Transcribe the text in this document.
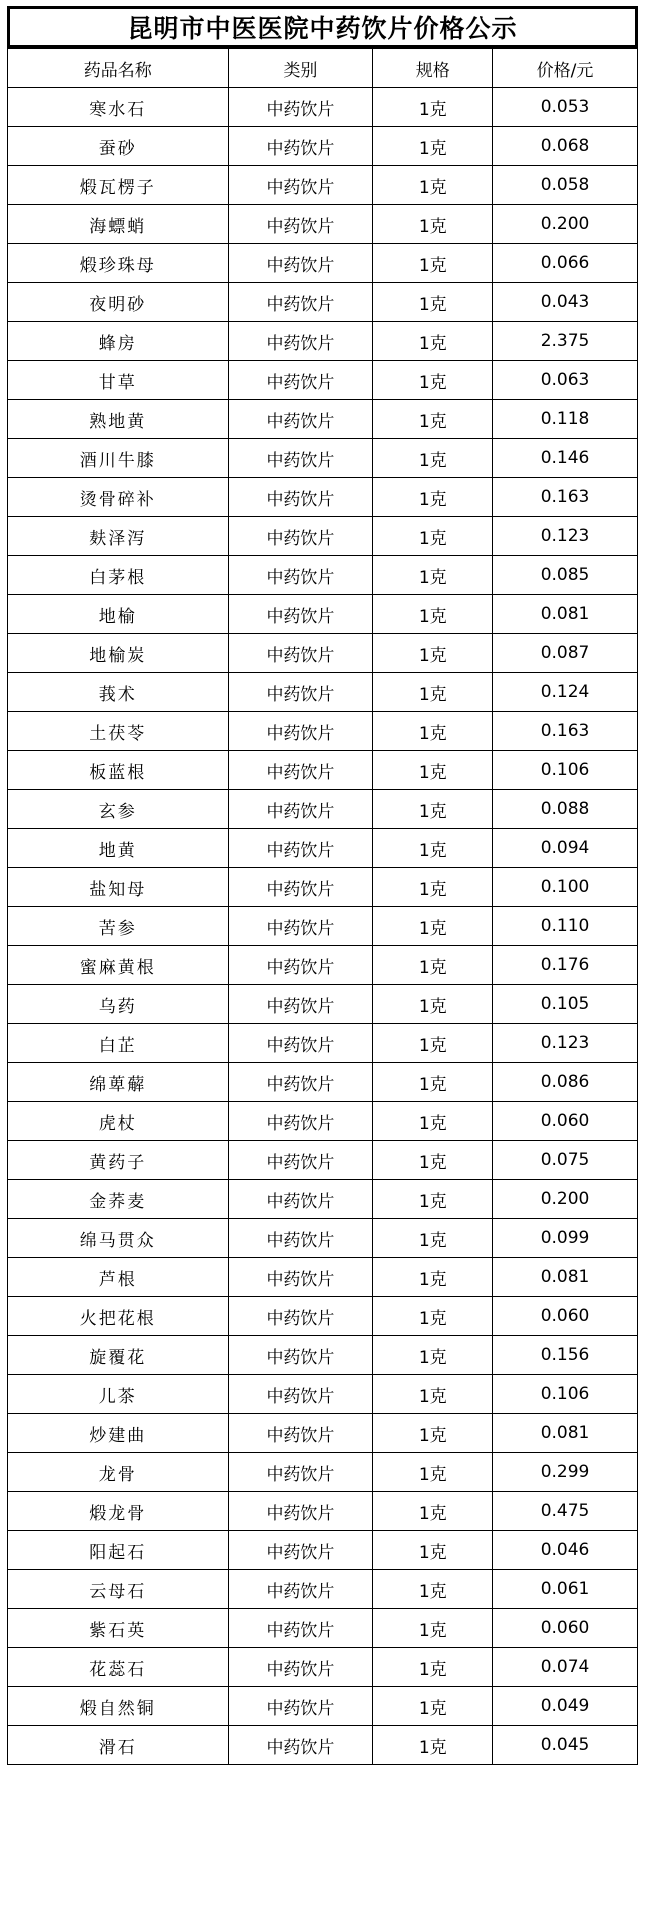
昆明市中医医院中药饮片价格公示
药品名称	类别	规格	价格/元
寒水石	中药饮片	1克	0.053
蚕砂	中药饮片	1克	0.068
煅瓦楞子	中药饮片	1克	0.058
海螵蛸	中药饮片	1克	0.200
煅珍珠母	中药饮片	1克	0.066
夜明砂	中药饮片	1克	0.043
蜂房	中药饮片	1克	2.375
甘草	中药饮片	1克	0.063
熟地黄	中药饮片	1克	0.118
酒川牛膝	中药饮片	1克	0.146
烫骨碎补	中药饮片	1克	0.163
麸泽泻	中药饮片	1克	0.123
白茅根	中药饮片	1克	0.085
地榆	中药饮片	1克	0.081
地榆炭	中药饮片	1克	0.087
莪术	中药饮片	1克	0.124
土茯苓	中药饮片	1克	0.163
板蓝根	中药饮片	1克	0.106
玄参	中药饮片	1克	0.088
地黄	中药饮片	1克	0.094
盐知母	中药饮片	1克	0.100
苦参	中药饮片	1克	0.110
蜜麻黄根	中药饮片	1克	0.176
乌药	中药饮片	1克	0.105
白芷	中药饮片	1克	0.123
绵萆薢	中药饮片	1克	0.086
虎杖	中药饮片	1克	0.060
黄药子	中药饮片	1克	0.075
金荞麦	中药饮片	1克	0.200
绵马贯众	中药饮片	1克	0.099
芦根	中药饮片	1克	0.081
火把花根	中药饮片	1克	0.060
旋覆花	中药饮片	1克	0.156
儿茶	中药饮片	1克	0.106
炒建曲	中药饮片	1克	0.081
龙骨	中药饮片	1克	0.299
煅龙骨	中药饮片	1克	0.475
阳起石	中药饮片	1克	0.046
云母石	中药饮片	1克	0.061
紫石英	中药饮片	1克	0.060
花蕊石	中药饮片	1克	0.074
煅自然铜	中药饮片	1克	0.049
滑石	中药饮片	1克	0.045
